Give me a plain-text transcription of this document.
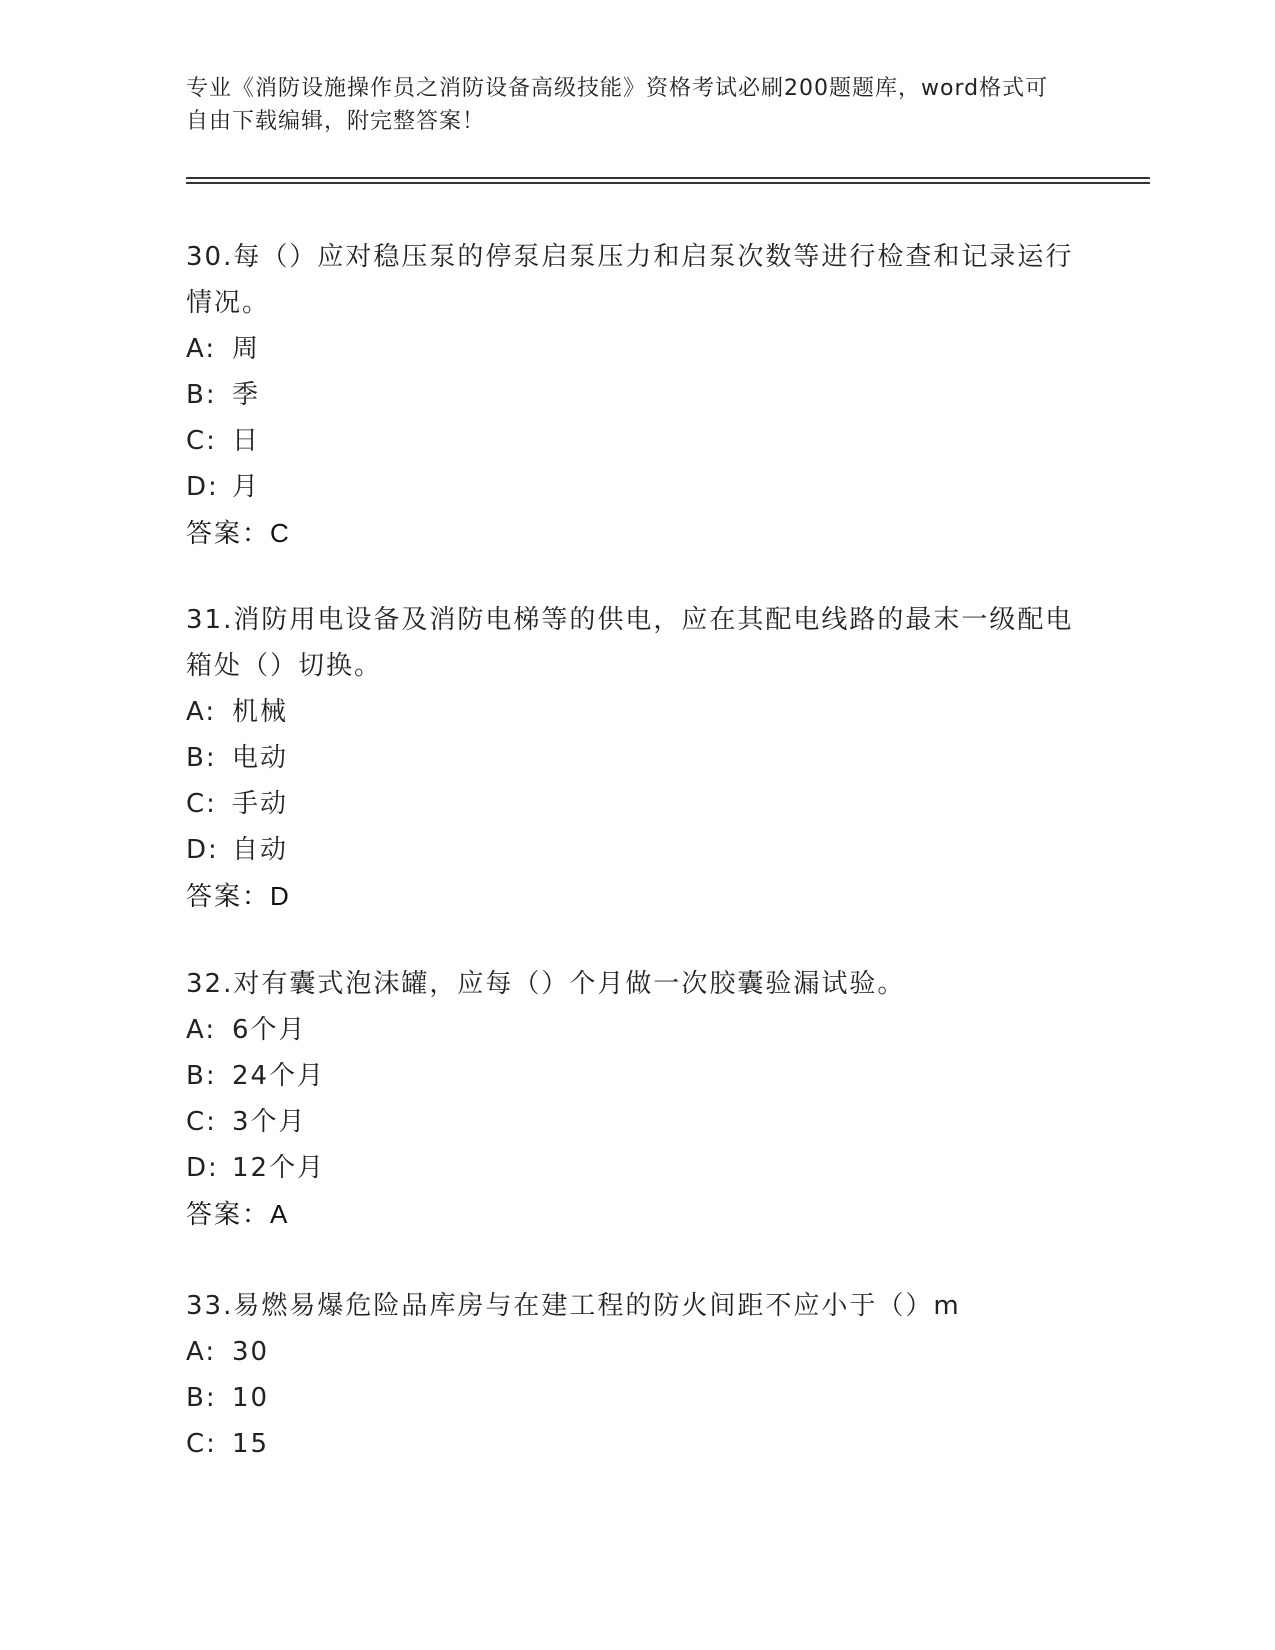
专业《消防设施操作员之消防设备高级技能》资格考试必刷200题题库，word格式可自由下载编辑，附完整答案！

30.每（）应对稳压泵的停泵启泵压力和启泵次数等进行检查和记录运行情况。

A: 周

B: 季

C: 日

D: 月

答案：C

31.消防用电设备及消防电梯等的供电，应在其配电线路的最末一级配电箱处（）切换。

A: 机械

B: 电动

C: 手动

D: 自动

答案：D

32.对有囊式泡沫罐，应每（）个月做一次胶囊验漏试验。

A: 6个月

B: 24个月

C: 3个月

D: 12个月

答案：A

33.易燃易爆危险品库房与在建工程的防火间距不应小于（）m

A: 30

B: 10

C: 15
